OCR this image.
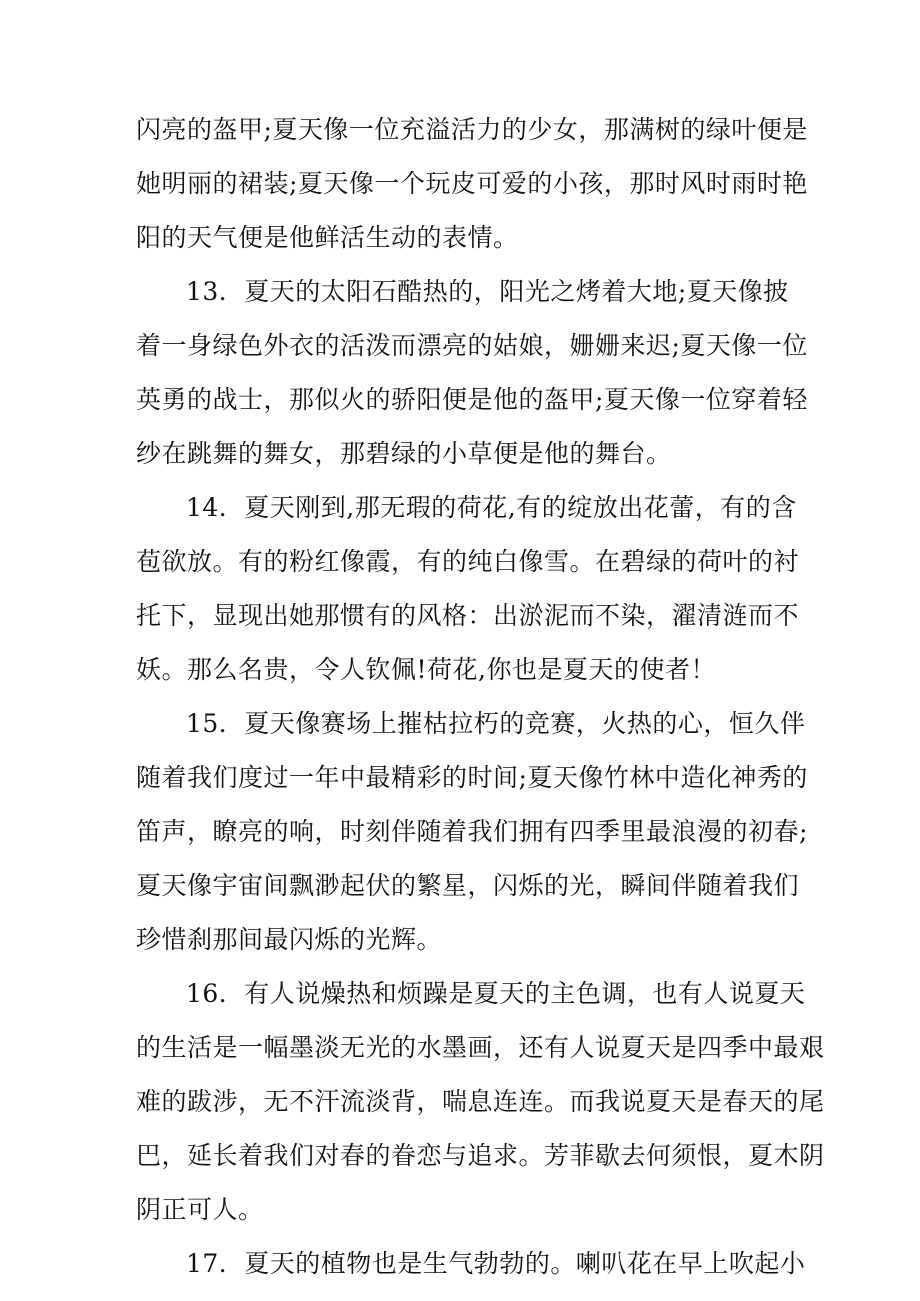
闪亮的盔甲;夏天像一位充溢活力的少女，那满树的绿叶便是
她明丽的裙装;夏天像一个玩皮可爱的小孩，那时风时雨时艳
阳的天气便是他鲜活生动的表情。
13．夏天的太阳石酷热的，阳光之烤着大地;夏天像披
着一身绿色外衣的活泼而漂亮的姑娘，姗姗来迟;夏天像一位
英勇的战士，那似火的骄阳便是他的盔甲;夏天像一位穿着轻
纱在跳舞的舞女，那碧绿的小草便是他的舞台。
14．夏天刚到,那无瑕的荷花,有的绽放出花蕾，有的含
苞欲放。有的粉红像霞，有的纯白像雪。在碧绿的荷叶的衬
托下，显现出她那惯有的风格：出淤泥而不染，濯清涟而不
妖。那么名贵，令人钦佩!荷花,你也是夏天的使者！
15．夏天像赛场上摧枯拉朽的竞赛，火热的心，恒久伴
随着我们度过一年中最精彩的时间;夏天像竹林中造化神秀的
笛声，瞭亮的响，时刻伴随着我们拥有四季里最浪漫的初春;
夏天像宇宙间飘渺起伏的繁星，闪烁的光，瞬间伴随着我们
珍惜刹那间最闪烁的光辉。
16．有人说燥热和烦躁是夏天的主色调，也有人说夏天
的生活是一幅墨淡无光的水墨画，还有人说夏天是四季中最艰
难的跋涉，无不汗流淡背，喘息连连。而我说夏天是春天的尾
巴，延长着我们对春的眷恋与追求。芳菲歇去何须恨，夏木阴
阴正可人。
17．夏天的植物也是生气勃勃的。喇叭花在早上吹起小
